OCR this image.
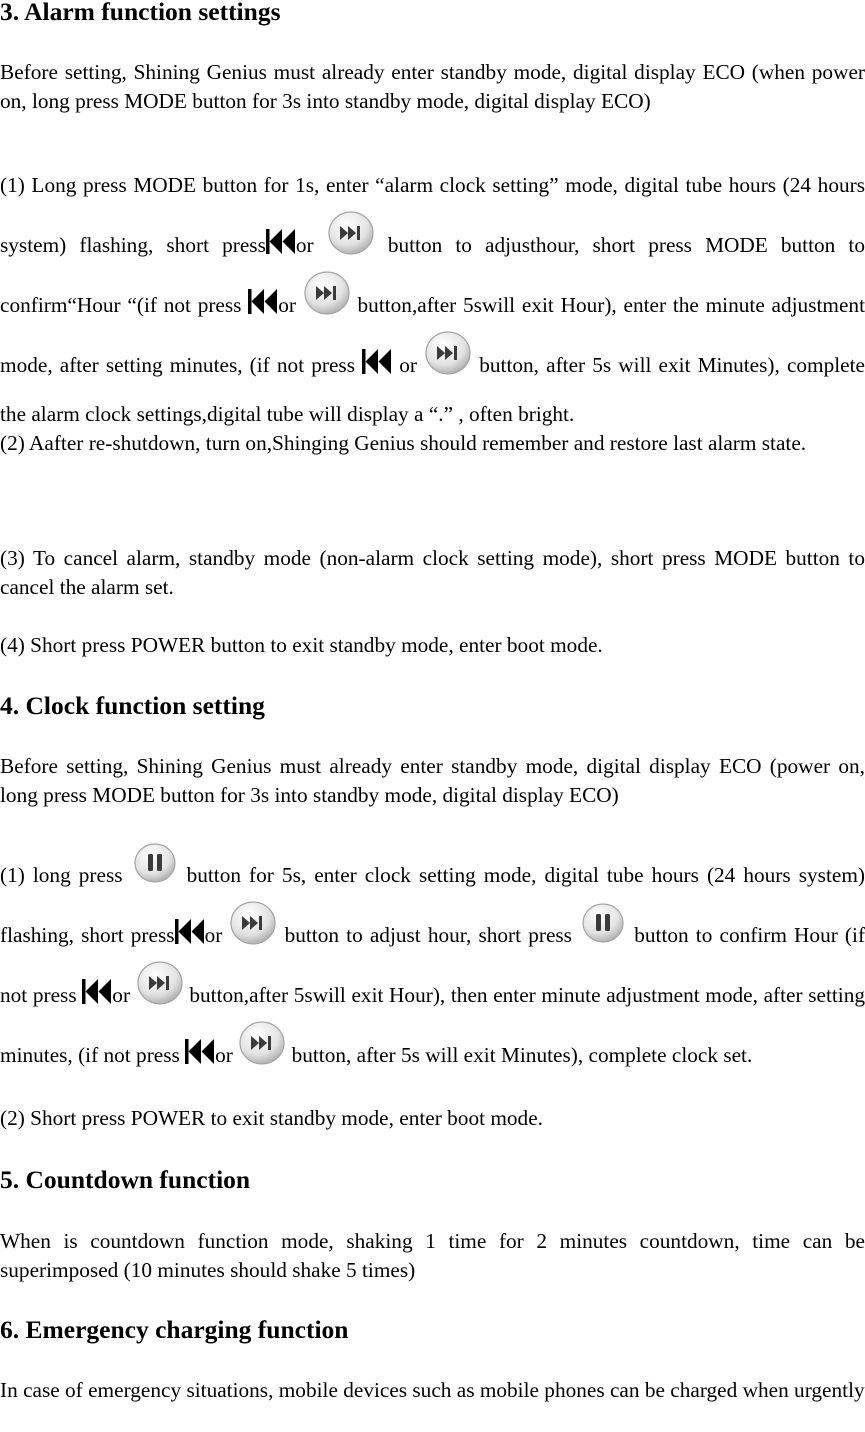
3. Alarm function settings

Before setting, Shining Genius must already enter standby mode, digital display ECO (when power on, long press MODE button for 3s into standby mode, digital display ECO)

(1) Long press MODE button for 1s, enter “alarm clock setting” mode, digital tube hours (24 hours system) flashing, short press or	button to adjusthour, short press MODE button to confirm“Hour “(if not press or	button,after 5swill exit Hour), enter the minute adjustment mode, after setting minutes, (if not press or	button, after 5s will exit Minutes), complete the alarm clock settings,digital tube will display a “.” , often bright.

(2) Aafter re-shutdown, turn on,Shinging Genius should remember and restore last alarm state.

(3) To cancel alarm, standby mode (non-alarm clock setting mode), short press MODE button to cancel the alarm set.

(4) Short press POWER button to exit standby mode, enter boot mode.

4. Clock function setting

Before setting, Shining Genius must already enter standby mode, digital display ECO (power on, long press MODE button for 3s into standby mode, digital display ECO)

(1) long press	button for 5s, enter clock setting mode, digital tube hours (24 hours system) flashing, short press or	button to adjust hour, short press	button to confirm Hour (if not press or	button,after 5swill exit Hour), then enter minute adjustment mode, after setting minutes, (if not press or	button, after 5s will exit Minutes), complete clock set.

(2) Short press POWER to exit standby mode, enter boot mode.

5. Countdown function

When is countdown function mode, shaking 1 time for 2 minutes countdown, time can be superimposed (10 minutes should shake 5 times)

6. Emergency charging function

In case of emergency situations, mobile devices such as mobile phones can be charged when urgently
